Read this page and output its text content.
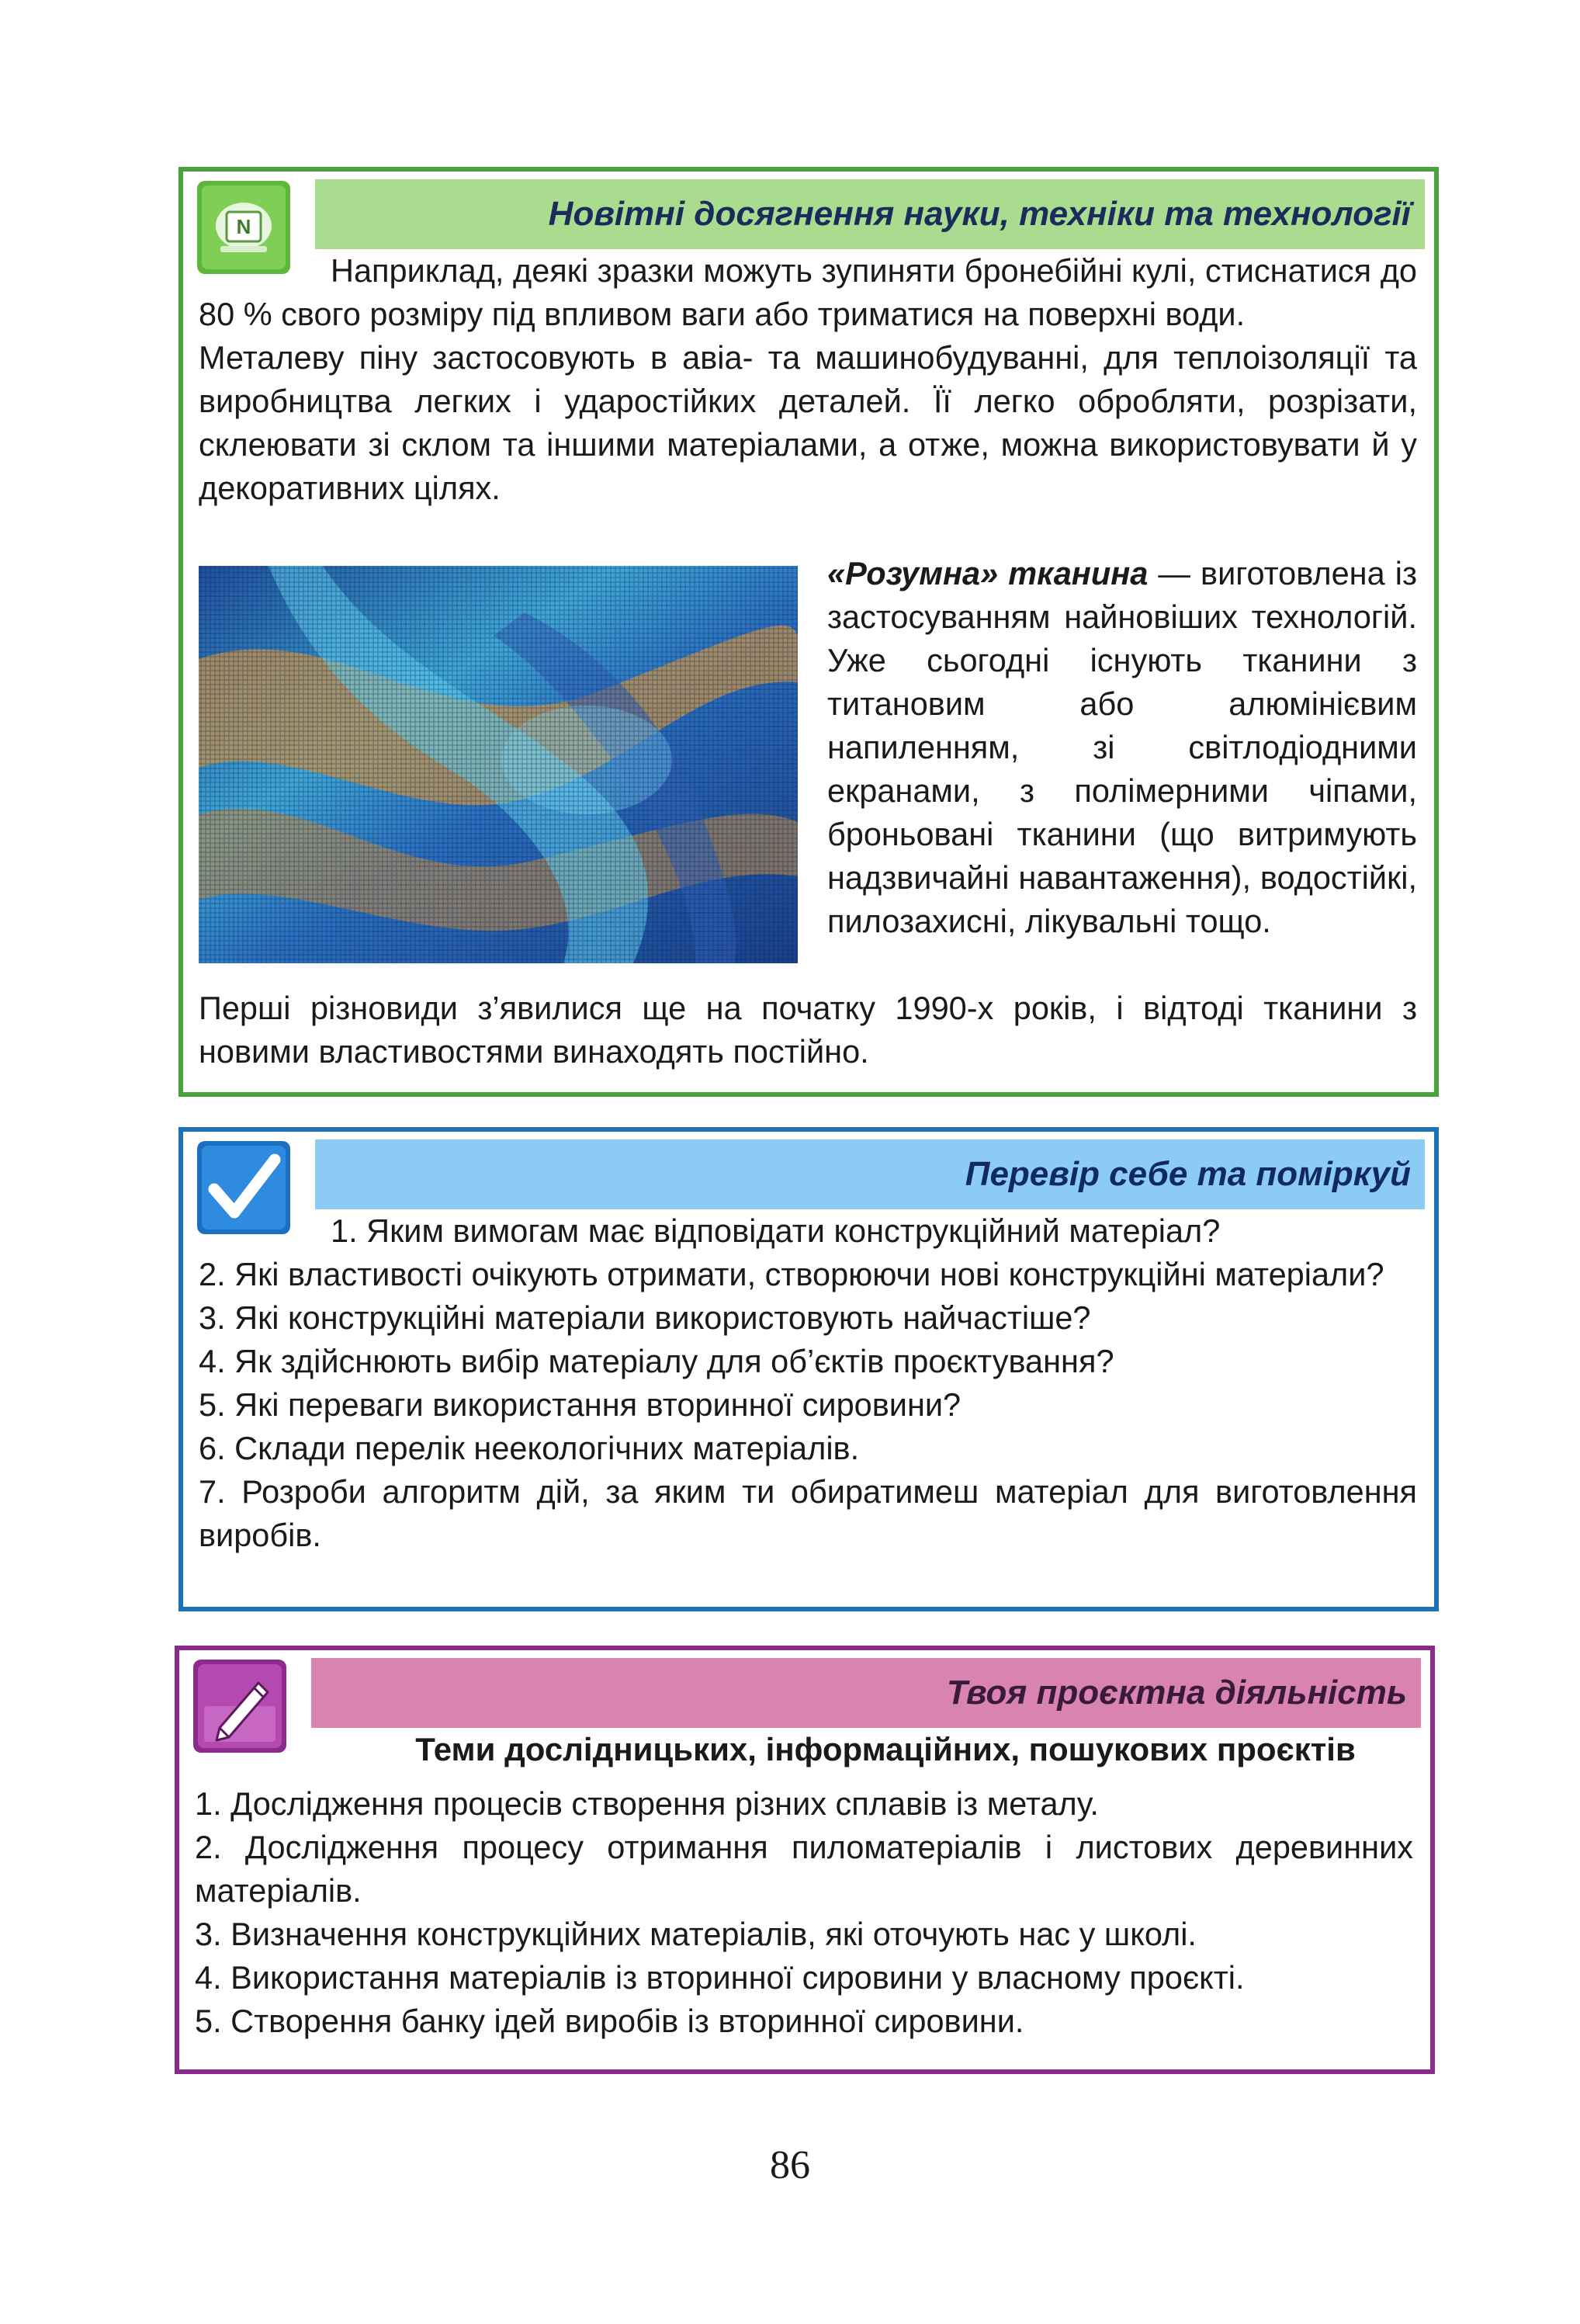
N	Новітні досягнення науки, техніки та технології

Наприклад, деякі зразки можуть зупиняти бронебійні кулі, стиснатися до 80 % свого розміру під впливом ваги або триматися на поверхні води.

Металеву піну застосовують в авіа- та машинобудуванні, для теплоізоляції та виробництва легких і ударостійких деталей. Її легко обробляти, розрізати, склеювати зі склом та іншими матеріалами, а отже, можна використовувати й у декоративних цілях.

«Розумна» тканина — виготовлена із застосуванням найновіших технологій. Уже сьогодні існують тканини з титановим або алюмінієвим напиленням, зі світлодіодними екранами, з полімерними чіпами, броньовані тканини (що витримують надзвичайні навантаження), водостійкі, пилозахисні, лікувальні тощо.

Перші різновиди з’явилися ще на початку 1990-х років, і відтоді тканини з новими властивостями винаходять постійно.

Перевір себе та поміркуй

1. Яким вимогам має відповідати конструкційний матеріал?

2. Які властивості очікують отримати, створюючи нові конструкційні матеріали?

3. Які конструкційні матеріали використовують найчастіше?

4. Як здійснюють вибір матеріалу для об’єктів проєктування?

5. Які переваги використання вторинної сировини?

6. Склади перелік неекологічних матеріалів.

7. Розроби алгоритм дій, за яким ти обиратимеш матеріал для виготовлення виробів.

Твоя проєктна діяльність
Теми дослідницьких, інформаційних, пошукових проєктів

1. Дослідження процесів створення різних сплавів із металу.

2. Дослідження процесу отримання пиломатеріалів і листових деревинних матеріалів.

3. Визначення конструкційних матеріалів, які оточують нас у школі.

4. Використання матеріалів із вторинної сировини у власному проєкті.

5. Створення банку ідей виробів із вторинної сировини.

86
